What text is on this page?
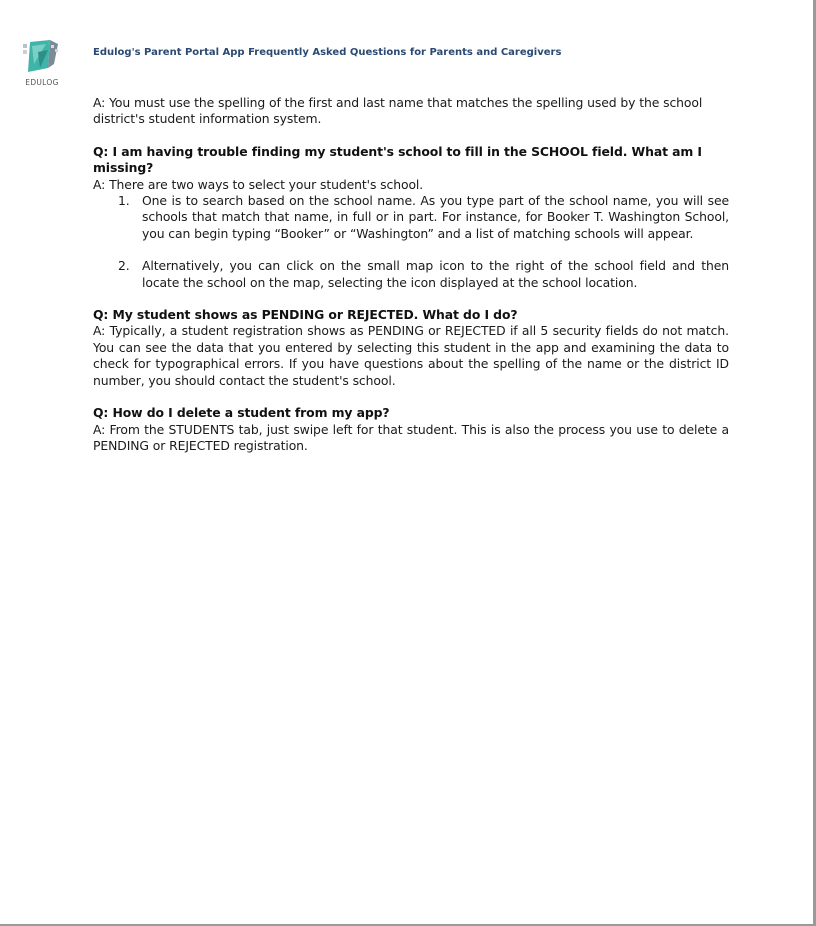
EDULOG
Edulog's Parent Portal App Frequently Asked Questions for Parents and Caregivers

A: You must use the spelling of the first and last name that matches the spelling used by the school district's student information system.

Q: I am having trouble finding my student's school to fill in the SCHOOL field. What am I missing?

A: There are two ways to select your student's school.

1. One is to search based on the school name. As you type part of the school name, you will see schools that match that name, in full or in part. For instance, for Booker T. Washington School, you can begin typing “Booker” or “Washington” and a list of matching schools will appear.
2. Alternatively, you can click on the small map icon to the right of the school field and then locate the school on the map, selecting the icon displayed at the school location.

Q: My student shows as PENDING or REJECTED. What do I do?

A: Typically, a student registration shows as PENDING or REJECTED if all 5 security fields do not match. You can see the data that you entered by selecting this student in the app and examining the data to check for typographical errors. If you have questions about the spelling of the name or the district ID number, you should contact the student's school.

Q: How do I delete a student from my app?

A: From the STUDENTS tab, just swipe left for that student. This is also the process you use to delete a PENDING or REJECTED registration.
